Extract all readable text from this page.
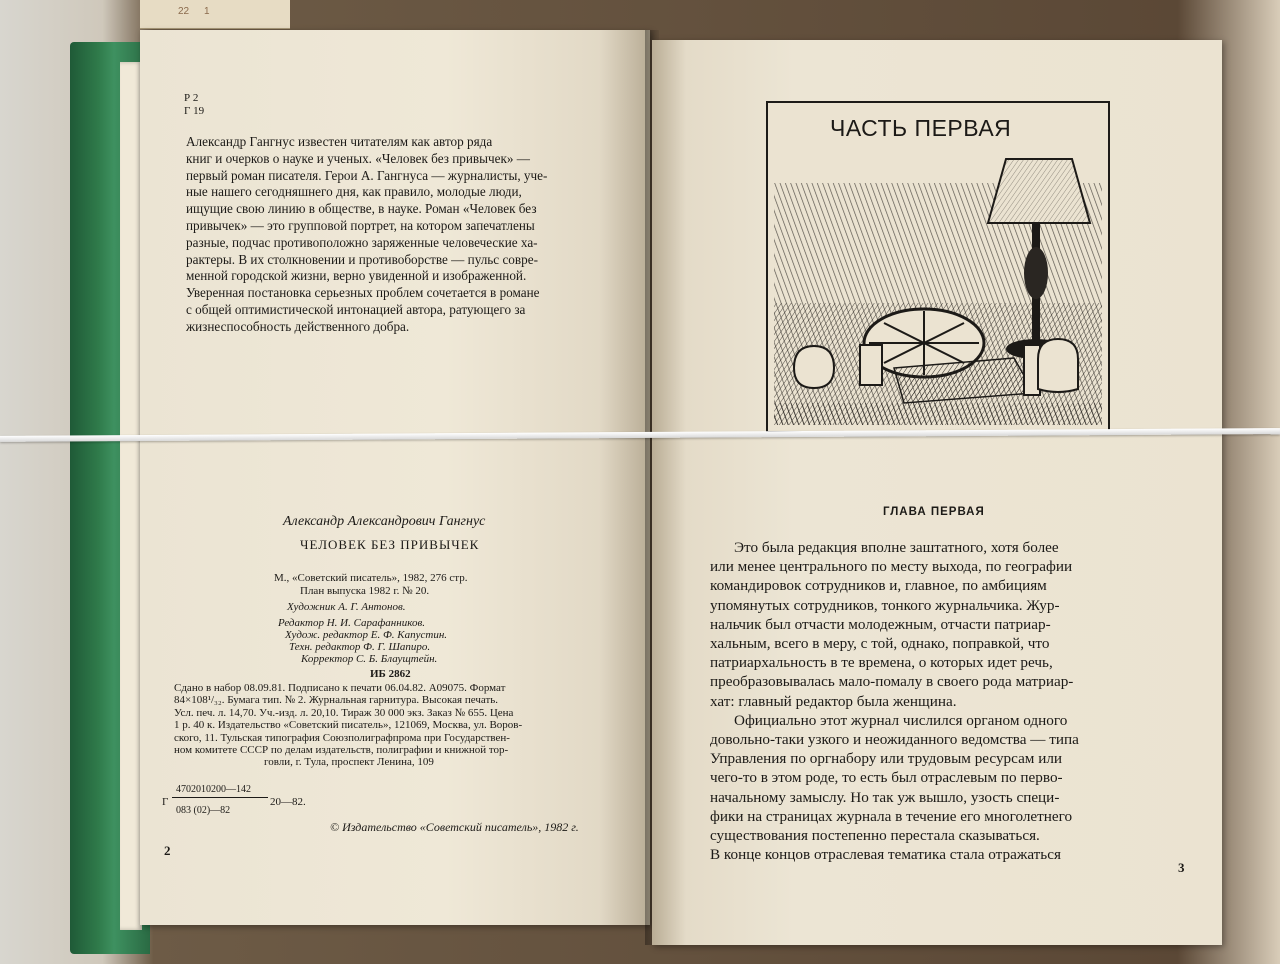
22 1
Р 2
Г 19
Александр Гангнус известен читателям как автор ряда
книг и очерков о науке и ученых. «Человек без привычек» —
первый роман писателя. Герои А. Гангнуса — журналисты, уче-
ные нашего сегодняшнего дня, как правило, молодые люди,
ищущие свою линию в обществе, в науке. Роман «Человек без
привычек» — это групповой портрет, на котором запечатлены
разные, подчас противоположно заряженные человеческие ха-
рактеры. В их столкновении и противоборстве — пульс совре-
менной городской жизни, верно увиденной и изображенной.
Уверенная постановка серьезных проблем сочетается в романе
с общей оптимистической интонацией автора, ратующего за
жизнеспособность действенного добра.
Александр Александрович Гангнус
ЧЕЛОВЕК БЕЗ ПРИВЫЧЕК
М., «Советский писатель», 1982, 276 стр.
План выпуска 1982 г. № 20.
Художник А. Г. Антонов.
Редактор Н. И. Сарафанников.
Худож. редактор Е. Ф. Капустин.
Техн. редактор Ф. Г. Шапиро.
Корректор С. Б. Блаущтейн.
ИБ 2862
Сдано в набор 08.09.81. Подписано к печати 06.04.82. А09075. Формат
84×108¹/₃₂. Бумага тип. № 2. Журнальная гарнитура. Высокая печать.
Усл. печ. л. 14,70. Уч.-изд. л. 20,10. Тираж 30 000 экз. Заказ № 655. Цена
1 р. 40 к. Издательство «Советский писатель», 121069, Москва, ул. Воров-
ского, 11. Тульская типография Союзполиграфпрома при Государствен-
ном комитете СССР по делам издательств, полиграфии и книжной тор-
говли, г. Тула, проспект Ленина, 109
4702010200—142
Г
083 (02)—82
20—82.
© Издательство «Советский писатель», 1982 г.
2
ЧАСТЬ ПЕРВАЯ
ГЛАВА ПЕРВАЯ
Это была редакция вполне заштатного, хотя более
или менее центрального по месту выхода, по географии
командировок сотрудников и, главное, по амбициям
упомянутых сотрудников, тонкого журнальчика. Жур-
нальчик был отчасти молодежным, отчасти патриар-
хальным, всего в меру, с той, однако, поправкой, что
патриархальность в те времена, о которых идет речь,
преобразовывалась мало-помалу в своего рода матриар-
хат: главный редактор была женщина.
Официально этот журнал числился органом одного
довольно-таки узкого и неожиданного ведомства — типа
Управления по оргнабору или трудовым ресурсам или
чего-то в этом роде, то есть был отраслевым по перво-
начальному замыслу. Но так уж вышло, узость специ-
фики на страницах журнала в течение его многолетнего
существования постепенно перестала сказываться.
В конце концов отраслевая тематика стала отражаться
3
